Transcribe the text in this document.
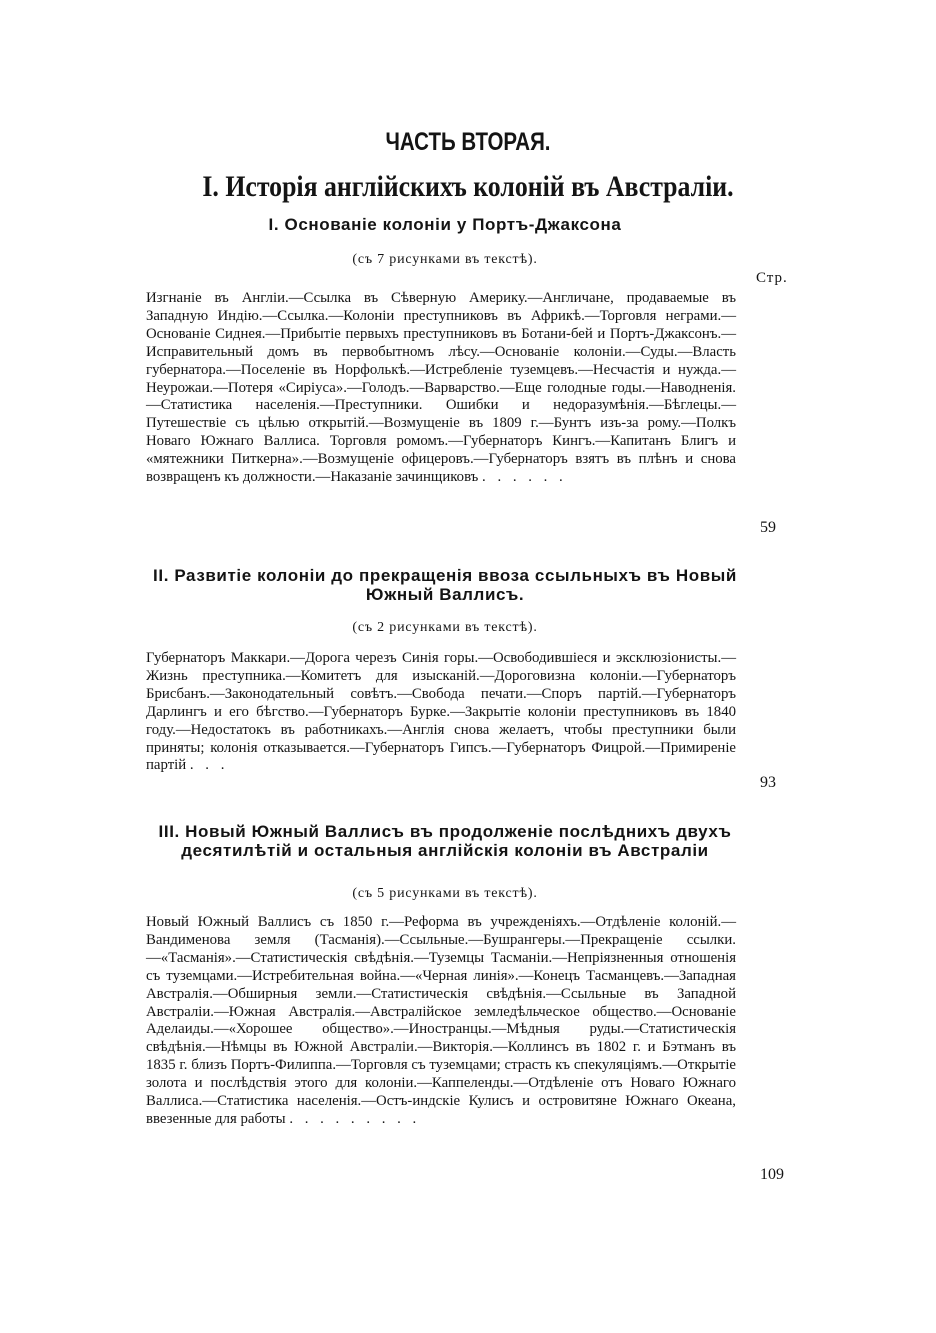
ЧАСТЬ ВТОРАЯ.
I. Исторія англійскихъ колоній въ Австраліи.
I. Основаніе колоніи у Портъ-Джаксона
(съ 7 рисунками въ текстѣ).
Стр.
Изгнаніе въ Англіи.—Ссылка въ Сѣверную Америку.—Англичане, продаваемые въ Западную Индію.—Ссылка.—Колоніи преступниковъ въ Африкѣ.—Торговля неграми.—Основаніе Сиднея.—Прибытіе первыхъ преступниковъ въ Ботани-бей и Портъ-Джаксонъ.—Исправительный домъ въ первобытномъ лѣсу.—Основаніе колоніи.—Суды.—Власть губернатора.—Поселеніе въ Норфолькѣ.—Истребленіе туземцевъ.—Несчастія и нужда.—Неурожаи.—Потеря «Сиріуса».—Голодъ.—Варварство.—Еще голодные годы.—Наводненія.—Статистика населенія.—Преступники. Ошибки и недоразумѣнія.—Бѣглецы.—Путешествіе съ цѣлью открытій.—Возмущеніе въ 1809 г.—Бунтъ изъ-за рому.—Полкъ Новаго Южнаго Валлиса. Торговля ромомъ.—Губернаторъ Кингъ.—Капитанъ Блигъ и «мятежники Питкерна».—Возмущеніе офицеровъ.—Губернаторъ взятъ въ плѣнъ и снова возвращенъ къ должности.—Наказаніе зачинщиковъ . . . . . .
59
II. Развитіе колоніи до прекращенія ввоза ссыльныхъ въ Новый Южный Валлисъ.
(съ 2 рисунками въ текстѣ).
Губернаторъ Маккари.—Дорога черезъ Синія горы.—Освободившіеся и эксклюзіонисты.—Жизнь преступника.—Комитетъ для изысканій.—Дороговизна колоніи.—Губернаторъ Брисбанъ.—Законодательный совѣтъ.—Свобода печати.—Споръ партій.—Губернаторъ Дарлингъ и его бѣгство.—Губернаторъ Бурке.—Закрытіе колоніи преступниковъ въ 1840 году.—Недостатокъ въ работникахъ.—Англія снова желаетъ, чтобы преступники были приняты; колонія отказывается.—Губернаторъ Гипсъ.—Губернаторъ Фицрой.—Примиреніе партій . . .
93
III. Новый Южный Валлисъ въ продолженіе послѣднихъ двухъ десятилѣтій и остальныя англійскія колоніи въ Австраліи
(съ 5 рисунками въ текстѣ).
Новый Южный Валлисъ съ 1850 г.—Реформа въ учрежденіяхъ.—Отдѣленіе колоній.—Вандименова земля (Тасманія).—Ссыльные.—Бушрангеры.—Прекращеніе ссылки.—«Тасманія».—Статистическія свѣдѣнія.—Туземцы Тасманіи.—Непріязненныя отношенія съ туземцами.—Истребительная война.—«Черная линія».—Конецъ Тасманцевъ.—Западная Австралія.—Обширныя земли.—Статистическія свѣдѣнія.—Ссыльные въ Западной Австраліи.—Южная Австралія.—Австралійское земледѣльческое общество.—Основаніе Аделаиды.—«Хорошее общество».—Иностранцы.—Мѣдныя руды.—Статистическія свѣдѣнія.—Нѣмцы въ Южной Австраліи.—Викторія.—Коллинсъ въ 1802 г. и Бэтманъ въ 1835 г. близъ Портъ-Филиппа.—Торговля съ туземцами; страсть къ спекуляціямъ.—Открытіе золота и послѣдствія этого для колоніи.—Каппеленды.—Отдѣленіе отъ Новаго Южнаго Валлиса.—Статистика населенія.—Остъ-индскіе Кулисъ и островитяне Южнаго Океана, ввезенные для работы . . . . . . . . .
109
